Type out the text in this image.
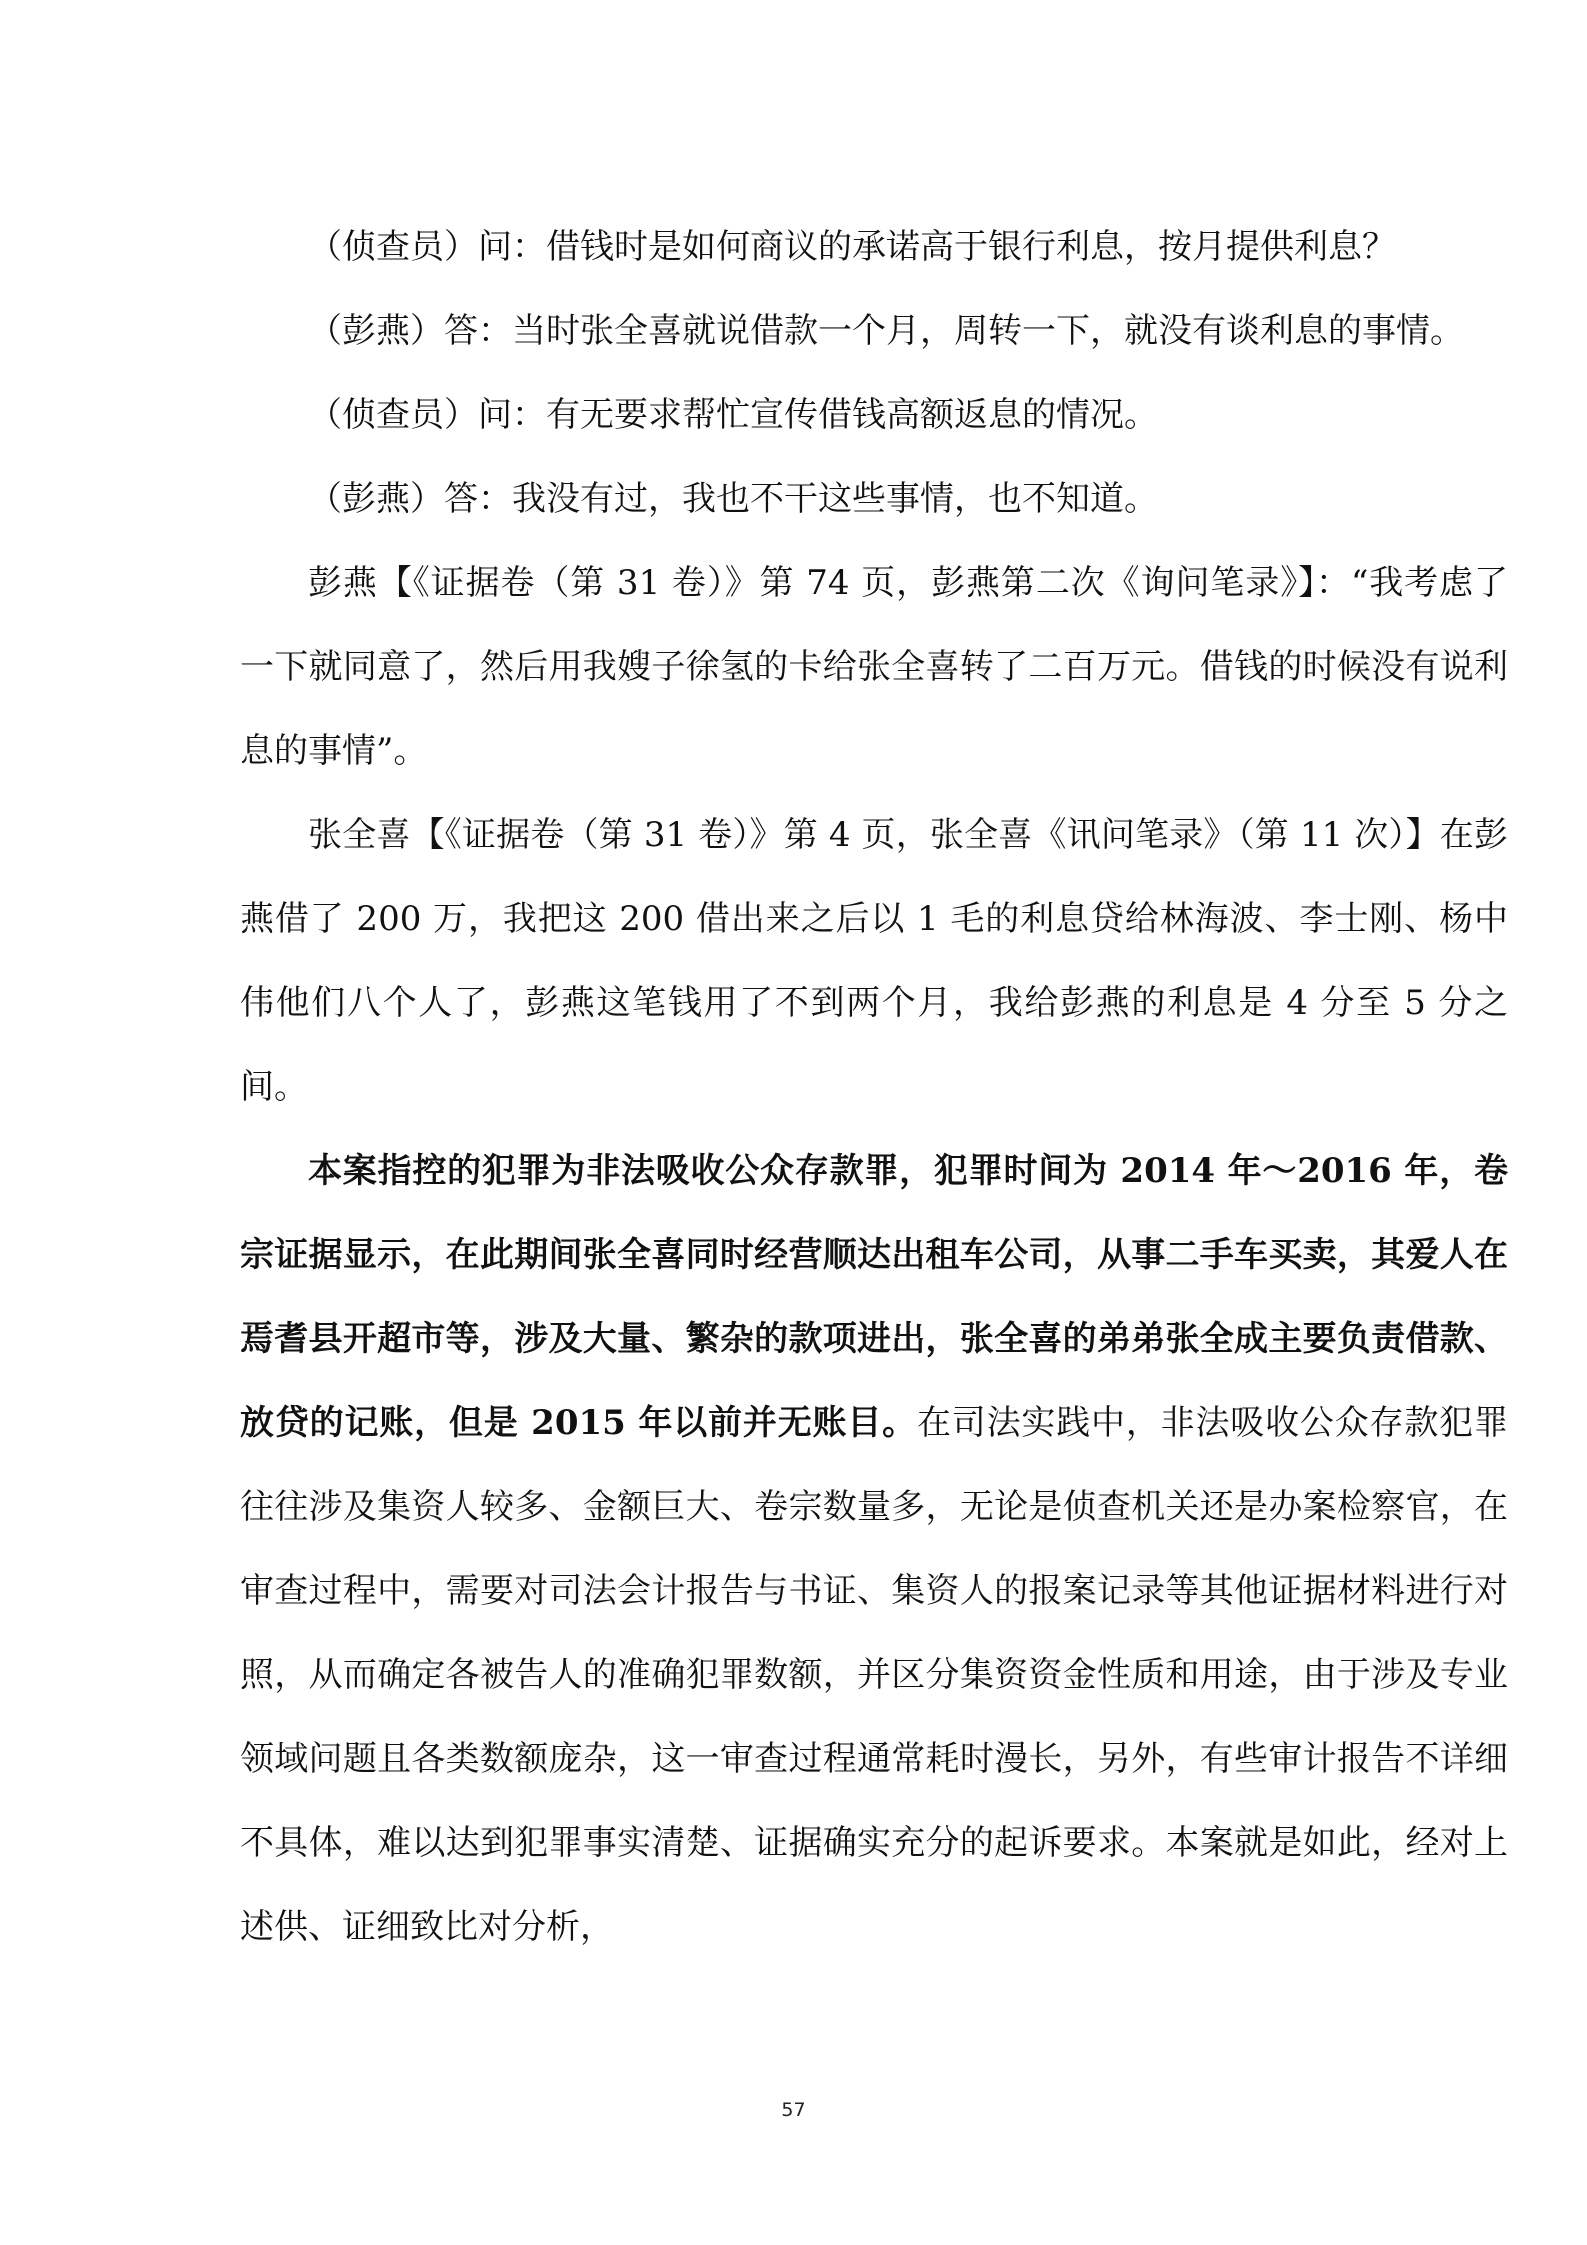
（侦查员）问：借钱时是如何商议的承诺高于银行利息，按月提供利息？

（彭燕）答：当时张全喜就说借款一个月，周转一下，就没有谈利息的事情。

（侦查员）问：有无要求帮忙宣传借钱高额返息的情况。

（彭燕）答：我没有过，我也不干这些事情，也不知道。

彭燕【《证据卷（第 31 卷）》第 74 页，彭燕第二次《询问笔录》】：“我考虑了一下就同意了，然后用我嫂子徐氢的卡给张全喜转了二百万元。借钱的时候没有说利息的事情”。

张全喜【《证据卷（第 31 卷）》第 4 页，张全喜《讯问笔录》（第 11 次）】在彭燕借了 200 万，我把这 200 借出来之后以 1 毛的利息贷给林海波、李士刚、杨中伟他们八个人了，彭燕这笔钱用了不到两个月，我给彭燕的利息是 4 分至 5 分之间。

本案指控的犯罪为非法吸收公众存款罪，犯罪时间为 2014 年～2016 年，卷宗证据显示，在此期间张全喜同时经营顺达出租车公司，从事二手车买卖，其爱人在焉耆县开超市等，涉及大量、繁杂的款项进出，张全喜的弟弟张全成主要负责借款、放贷的记账，但是 2015 年以前并无账目。在司法实践中，非法吸收公众存款犯罪往往涉及集资人较多、金额巨大、卷宗数量多，无论是侦查机关还是办案检察官，在审查过程中，需要对司法会计报告与书证、集资人的报案记录等其他证据材料进行对照，从而确定各被告人的准确犯罪数额，并区分集资资金性质和用途，由于涉及专业领域问题且各类数额庞杂，这一审查过程通常耗时漫长，另外，有些审计报告不详细不具体，难以达到犯罪事实清楚、证据确实充分的起诉要求。本案就是如此，经对上述供、证细致比对分析，

57
